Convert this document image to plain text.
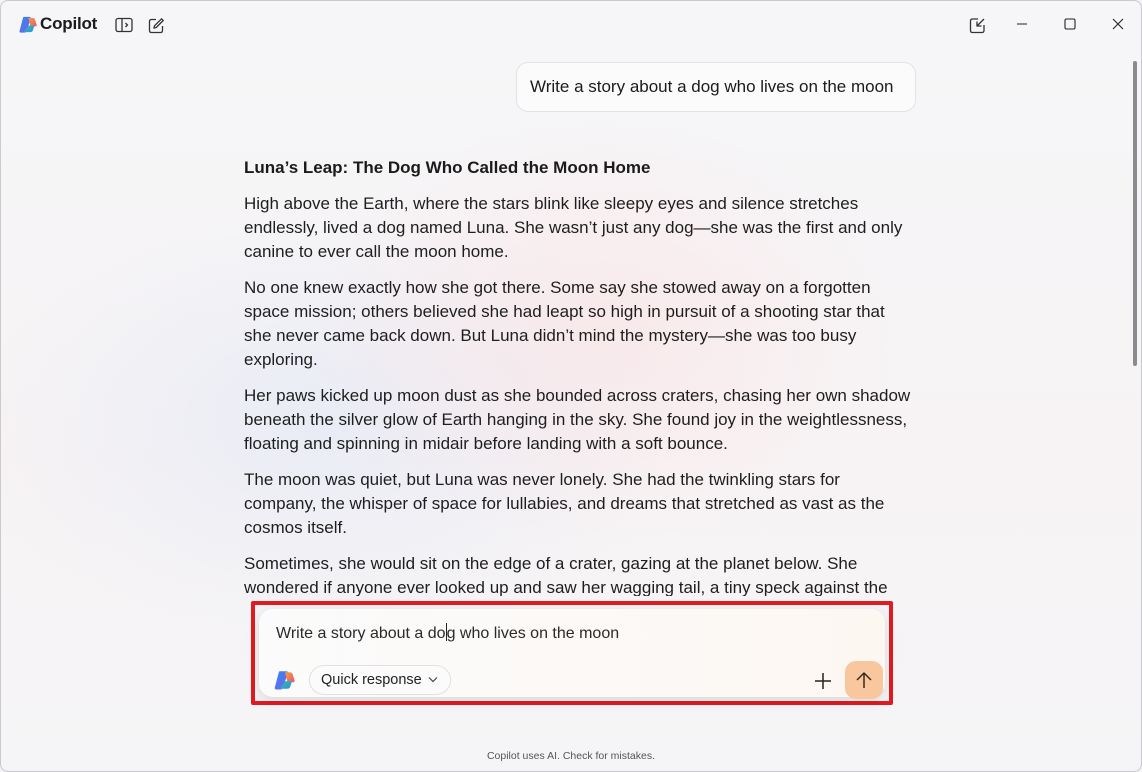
Copilot
Write a story about a dog who lives on the moon
Luna’s Leap: The Dog Who Called the Moon Home

High above the Earth, where the stars blink like sleepy eyes and silence stretches endlessly, lived a dog named Luna. She wasn’t just any dog—she was the first and only canine to ever call the moon home.

No one knew exactly how she got there. Some say she stowed away on a forgotten space mission; others believed she had leapt so high in pursuit of a shooting star that she never came back down. But Luna didn’t mind the mystery—she was too busy exploring.

Her paws kicked up moon dust as she bounded across craters, chasing her own shadow beneath the silver glow of Earth hanging in the sky. She found joy in the weightlessness, floating and spinning in midair before landing with a soft bounce.

The moon was quiet, but Luna was never lonely. She had the twinkling stars for company, the whisper of space for lullabies, and dreams that stretched as vast as the cosmos itself.

Sometimes, she would sit on the edge of a crater, gazing at the planet below. She wondered if anyone ever looked up and saw her wagging tail, a tiny speck against the

Write a story about a dog who lives on the moon
Quick response
Copilot uses AI. Check for mistakes.
